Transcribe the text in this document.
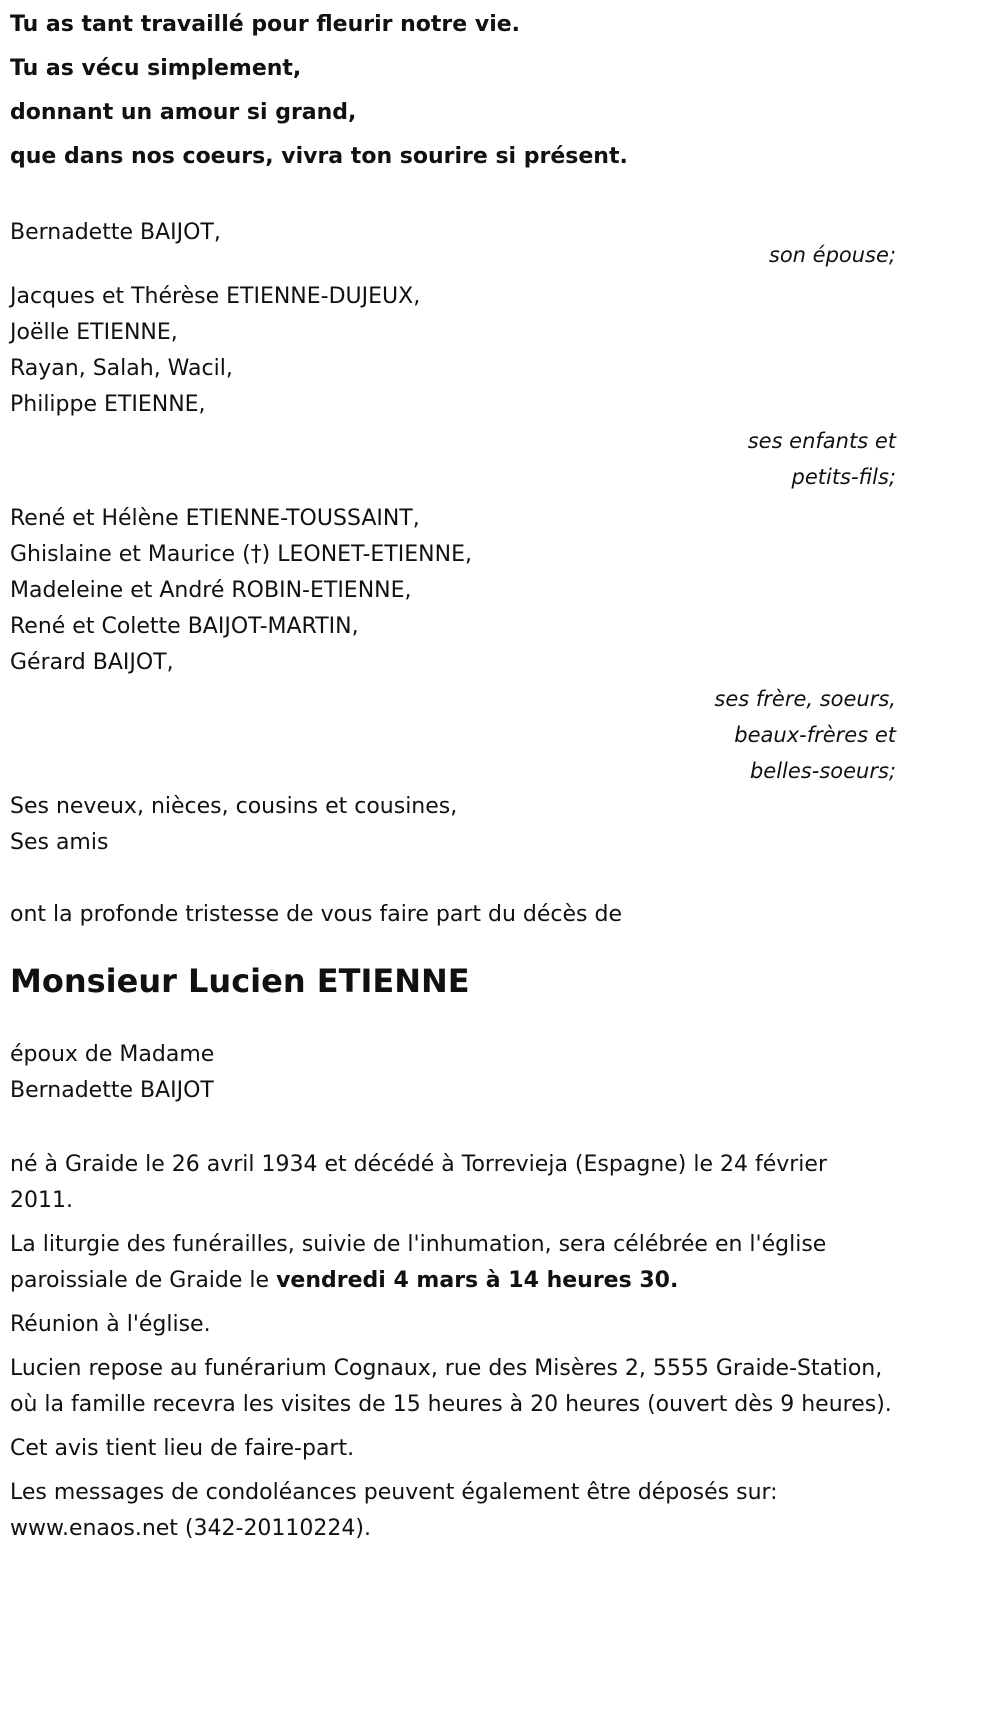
Tu as tant travaillé pour fleurir notre vie.
Tu as vécu simplement,
donnant un amour si grand,
que dans nos coeurs, vivra ton sourire si présent.
Bernadette BAIJOT,
son épouse;
Jacques et Thérèse ETIENNE-DUJEUX,
Joëlle ETIENNE,
Rayan, Salah, Wacil,
Philippe ETIENNE,
ses enfants et
petits-fils;
René et Hélène ETIENNE-TOUSSAINT,
Ghislaine et Maurice (†) LEONET-ETIENNE,
Madeleine et André ROBIN-ETIENNE,
René et Colette BAIJOT-MARTIN,
Gérard BAIJOT,
ses frère, soeurs,
beaux-frères et
belles-soeurs;
Ses neveux, nièces, cousins et cousines,
Ses amis
ont la profonde tristesse de vous faire part du décès de
Monsieur Lucien ETIENNE
époux de Madame
Bernadette BAIJOT
né à Graide le 26 avril 1934 et décédé à Torrevieja (Espagne) le 24 février 2011.
La liturgie des funérailles, suivie de l'inhumation, sera célébrée en l'église paroissiale de Graide le vendredi 4 mars à 14 heures 30.
Réunion à l'église.
Lucien repose au funérarium Cognaux, rue des Misères 2, 5555 Graide-Station, où la famille recevra les visites de 15 heures à 20 heures (ouvert dès 9 heures).
Cet avis tient lieu de faire-part.
Les messages de condoléances peuvent également être déposés sur: www.enaos.net (342-20110224).
